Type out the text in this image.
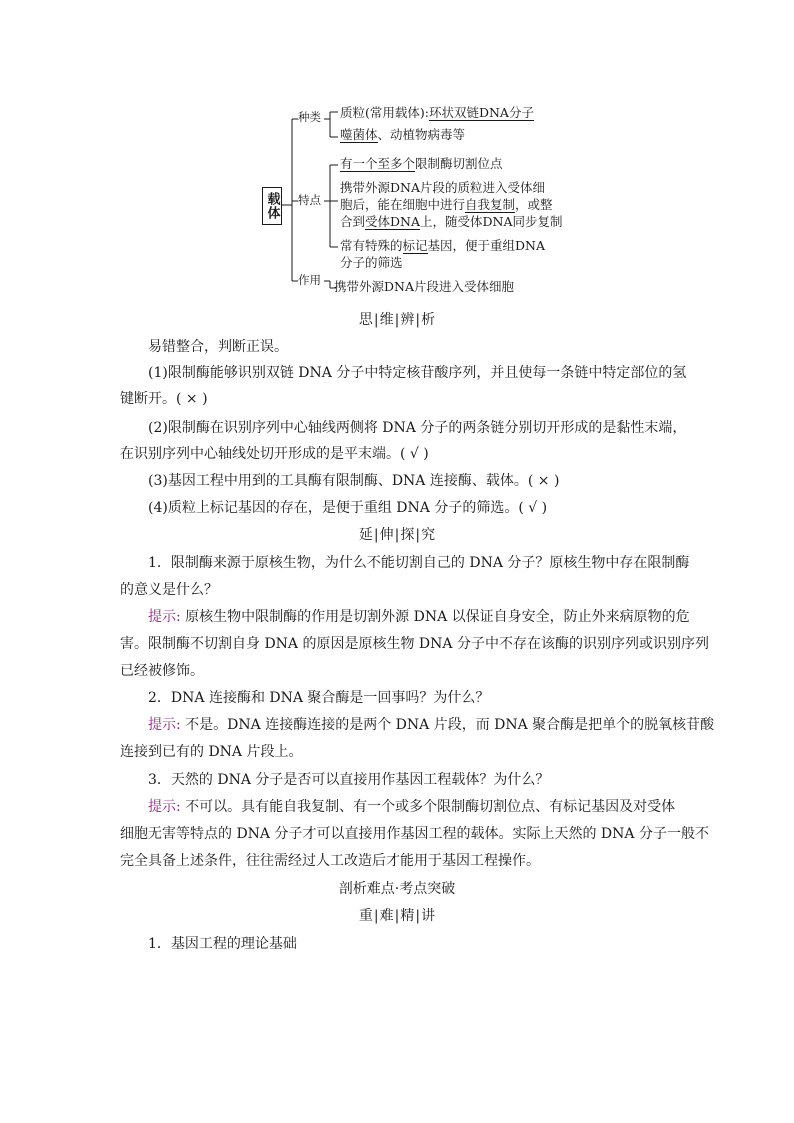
载体
种类
特点
作用
质粒(常用载体):环状双链DNA分子
噬菌体、动植物病毒等
有一个至多个限制酶切割位点
携带外源DNA片段的质粒进入受体细
胞后，能在细胞中进行自我复制，或整
合到受体DNA上，随受体DNA同步复制
常有特殊的标记基因，便于重组DNA
分子的筛选
携带外源DNA片段进入受体细胞
思|维|辨|析
易错整合，判断正误。
(1)限制酶能够识别双链 DNA 分子中特定核苷酸序列，并且使每一条链中特定部位的氢
键断开。( × )
(2)限制酶在识别序列中心轴线两侧将 DNA 分子的两条链分别切开形成的是黏性末端，
在识别序列中心轴线处切开形成的是平末端。( √ )
(3)基因工程中用到的工具酶有限制酶、DNA 连接酶、载体。( × )
(4)质粒上标记基因的存在，是便于重组 DNA 分子的筛选。( √ )
延|伸|探|究
1．限制酶来源于原核生物，为什么不能切割自己的 DNA 分子？原核生物中存在限制酶
的意义是什么？
提示: 原核生物中限制酶的作用是切割外源 DNA 以保证自身安全，防止外来病原物的危
害。限制酶不切割自身 DNA 的原因是原核生物 DNA 分子中不存在该酶的识别序列或识别序列
已经被修饰。
2．DNA 连接酶和 DNA 聚合酶是一回事吗？为什么？
提示: 不是。DNA 连接酶连接的是两个 DNA 片段，而 DNA 聚合酶是把单个的脱氧核苷酸
连接到已有的 DNA 片段上。
3．天然的 DNA 分子是否可以直接用作基因工程载体？为什么？
提示: 不可以。具有能自我复制、有一个或多个限制酶切割位点、有标记基因及对受体
细胞无害等特点的 DNA 分子才可以直接用作基因工程的载体。实际上天然的 DNA 分子一般不
完全具备上述条件，往往需经过人工改造后才能用于基因工程操作。
剖析难点·考点突破
重|难|精|讲
1．基因工程的理论基础
